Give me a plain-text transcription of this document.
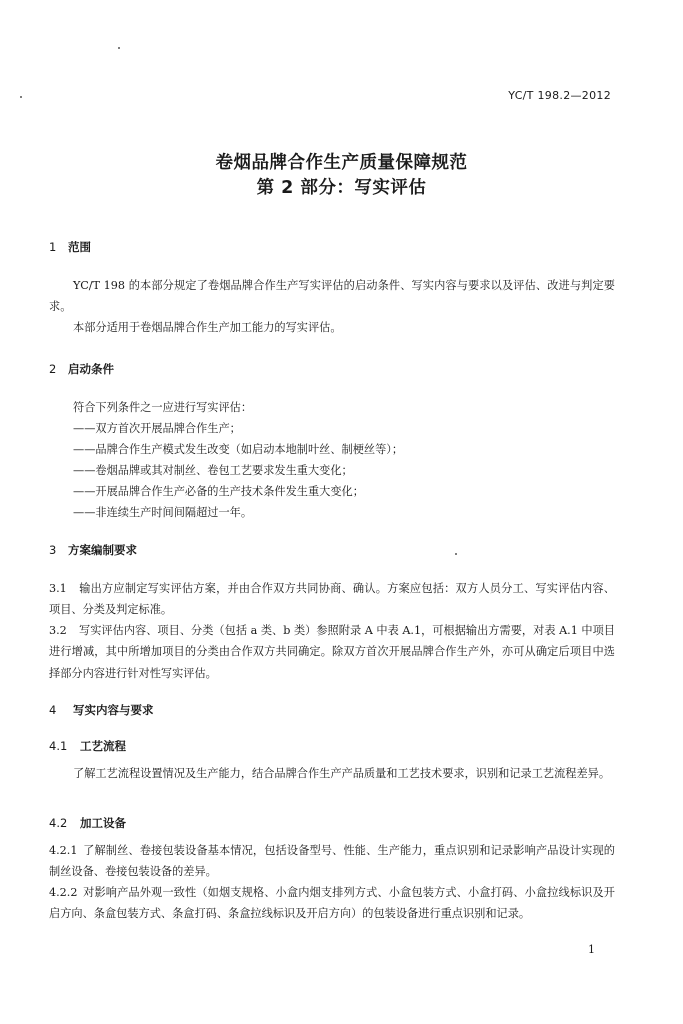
YC/T 198.2—2012
卷烟品牌合作生产质量保障规范
第 2 部分：写实评估
1 范围
YC/T 198 的本部分规定了卷烟品牌合作生产写实评估的启动条件、写实内容与要求以及评估、改进与判定要求。
本部分适用于卷烟品牌合作生产加工能力的写实评估。
2 启动条件
符合下列条件之一应进行写实评估：
——双方首次开展品牌合作生产；
——品牌合作生产模式发生改变（如启动本地制叶丝、制梗丝等）；
——卷烟品牌或其对制丝、卷包工艺要求发生重大变化；
——开展品牌合作生产必备的生产技术条件发生重大变化；
——非连续生产时间间隔超过一年。
3 方案编制要求
3.1 输出方应制定写实评估方案，并由合作双方共同协商、确认。方案应包括：双方人员分工、写实评估内容、项目、分类及判定标准。
3.2 写实评估内容、项目、分类（包括 a 类、b 类）参照附录 A 中表 A.1，可根据输出方需要，对表 A.1 中项目进行增减，其中所增加项目的分类由合作双方共同确定。除双方首次开展品牌合作生产外，亦可从确定后项目中选择部分内容进行针对性写实评估。
4 写实内容与要求
4.1 工艺流程
了解工艺流程设置情况及生产能力，结合品牌合作生产产品质量和工艺技术要求，识别和记录工艺流程差异。
4.2 加工设备
4.2.1 了解制丝、卷接包装设备基本情况，包括设备型号、性能、生产能力，重点识别和记录影响产品设计实现的制丝设备、卷接包装设备的差异。
4.2.2 对影响产品外观一致性（如烟支规格、小盒内烟支排列方式、小盒包装方式、小盒打码、小盒拉线标识及开启方向、条盒包装方式、条盒打码、条盒拉线标识及开启方向）的包装设备进行重点识别和记录。
1
